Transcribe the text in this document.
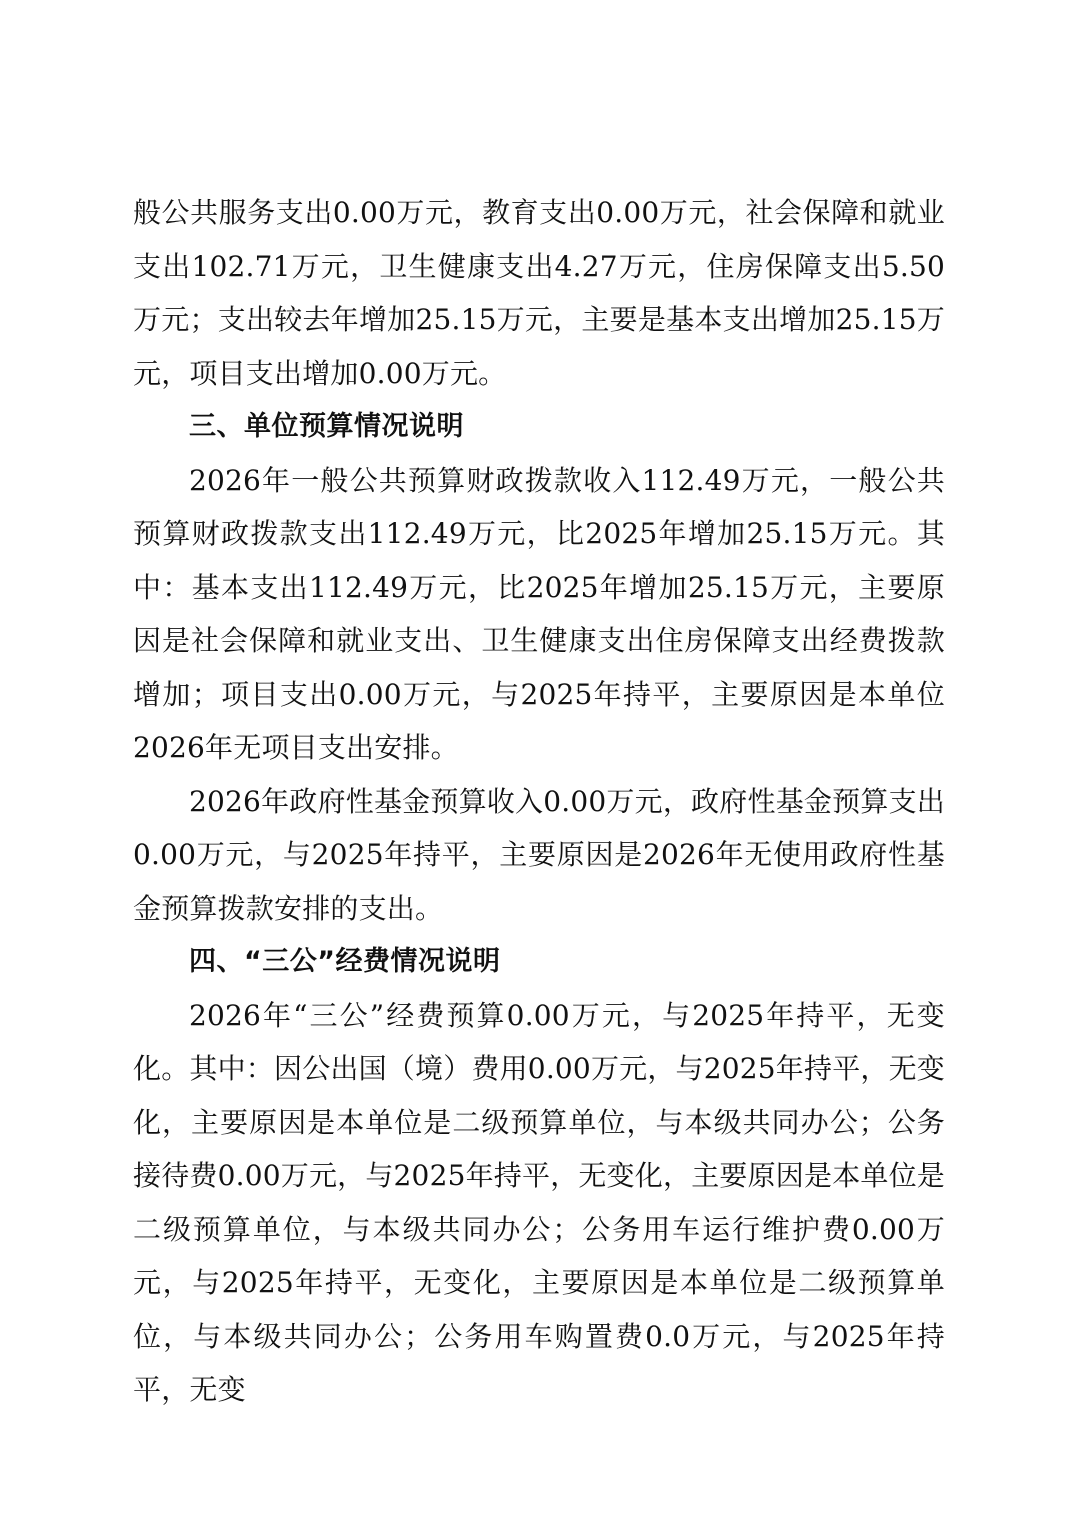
般公共服务支出0.00万元，教育支出0.00万元，社会保障和就业支出102.71万元，卫生健康支出4.27万元，住房保障支出5.50万元；支出较去年增加25.15万元，主要是基本支出增加25.15万元，项目支出增加0.00万元。

三、单位预算情况说明

2026年一般公共预算财政拨款收入112.49万元，一般公共预算财政拨款支出112.49万元，比2025年增加25.15万元。其中：基本支出112.49万元，比2025年增加25.15万元，主要原因是社会保障和就业支出、卫生健康支出住房保障支出经费拨款增加；项目支出0.00万元，与2025年持平，主要原因是本单位2026年无项目支出安排。

2026年政府性基金预算收入0.00万元，政府性基金预算支出0.00万元，与2025年持平，主要原因是2026年无使用政府性基金预算拨款安排的支出。

四、“三公”经费情况说明

2026年“三公”经费预算0.00万元，与2025年持平，无变化。其中：因公出国（境）费用0.00万元，与2025年持平，无变化，主要原因是本单位是二级预算单位，与本级共同办公；公务接待费0.00万元，与2025年持平，无变化，主要原因是本单位是二级预算单位，与本级共同办公；公务用车运行维护费0.00万元，与2025年持平，无变化，主要原因是本单位是二级预算单位，与本级共同办公；公务用车购置费0.0万元，与2025年持平，无变
